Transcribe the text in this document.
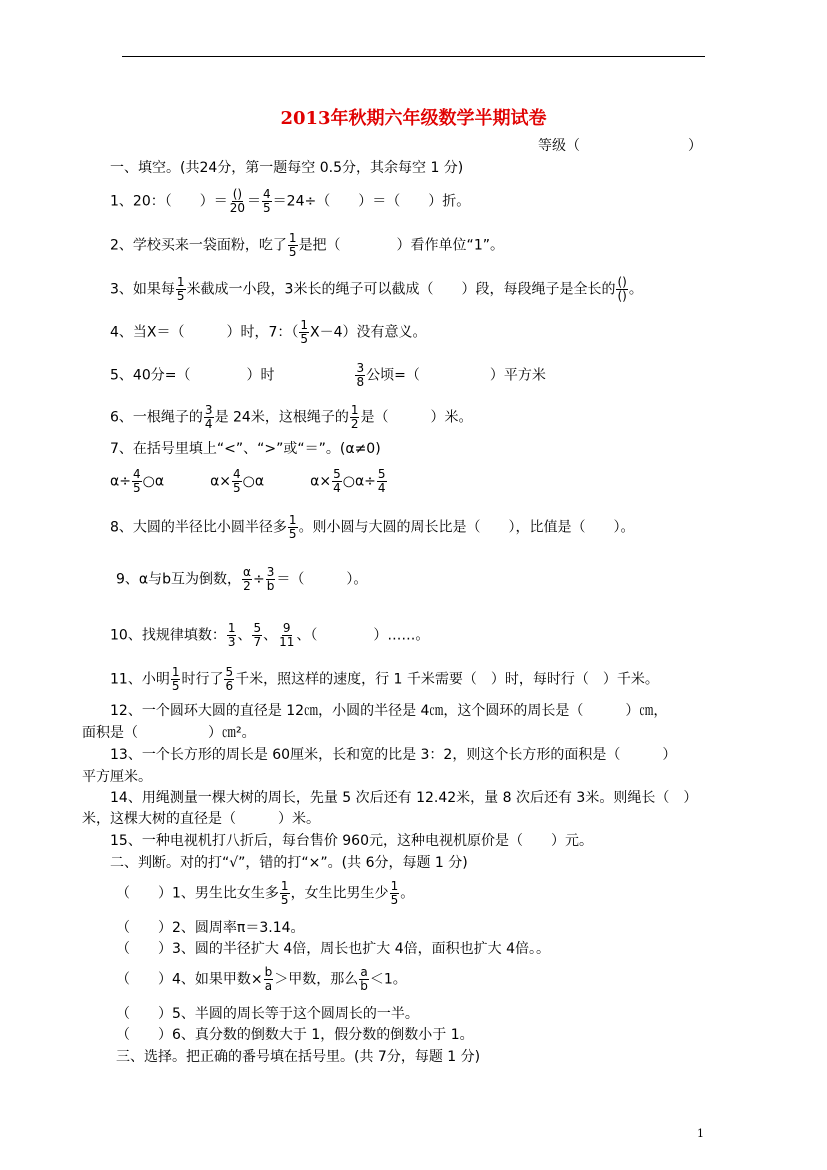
2013年秋期六年级数学半期试卷
等级（	）
一、填空。(共24分，第一题每空 0.5分，其余每空 1 分)
1、20：（　　）＝ $\frac{()}{20} = \frac{4}{5} =24\div$（　　）＝（　　）折。
2、学校买来一袋面粉，吃了 $\frac{1}{5}$ 是把（　　　　）看作单位“1”。
3、如果每 $\frac{1}{5}$ 米截成一小段，3米长的绳子可以截成（　　）段，每段绳子是全长的 $\frac{()}{()}$ 。
4、当Χ＝（　　　）时，7：（ $\frac{1}{5} X-4$）没有意义。
5、40分=（　　　　）时	$\frac{3}{8}$ 公顷=（　　　　　）平方米
6、一根绳子的 $\frac{3}{4}$ 是 24米，这根绳子的 $\frac{1}{2}$ 是（　　　）米。
7、在括号里填上“<”、“>”或“＝”。(α≠0)
$\alpha\div \frac{4}{5}$ ○α	$\alpha\times \frac{4}{5}$ ○α	$\alpha\times \frac{5}{4}$ ○α÷ $\frac{5}{4}$
8、大圆的半径比小圆半径多 $\frac{1}{5}$ 。则小圆与大圆的周长比是（　　），比值是（　　）。
9、α与b互为倒数， $\frac{\alpha}{2} \div \frac{3}{b}$ ＝（　　　）。
10、找规律填数： $\frac{1}{3}$ 、 $\frac{5}{7}$ 、 $\frac{9}{11}$ 、（　　　　）……。
11、小明 $\frac{1}{5}$ 时行了 $\frac{5}{6}$ 千米，照这样的速度，行 1 千米需要（　）时，每时行（　）千米。
12、一个圆环大圆的直径是 12㎝，小圆的半径是 4㎝，这个圆环的周长是（　　　）㎝，
面积是（　　　　　）㎝²。
13、一个长方形的周长是 60厘米，长和宽的比是 3：2，则这个长方形的面积是（　　　）
平方厘米。
14、用绳测量一棵大树的周长，先量 5 次后还有 12.42米，量 8 次后还有 3米。则绳长（　）
米，这棵大树的直径是（　　　）米。
15、一种电视机打八折后，每台售价 960元，这种电视机原价是（　　）元。
二、判断。对的打“√”，错的打“×”。(共 6分，每题 1 分)
（　　）1、男生比女生多 $\frac{1}{5}$ ，女生比男生少 $\frac{1}{5}$ 。
（　　）2、圆周率π＝3.14。
（　　）3、圆的半径扩大 4倍，周长也扩大 4倍，面积也扩大 4倍。。
（　　）4、如果甲数× $\frac{b}{a}$ ＞甲数，那么 $\frac{a}{b} <1$。
（　　）5、半圆的周长等于这个圆周长的一半。
（　　）6、真分数的倒数大于 1，假分数的倒数小于 1。
三、选择。把正确的番号填在括号里。(共 7分，每题 1 分)
1
